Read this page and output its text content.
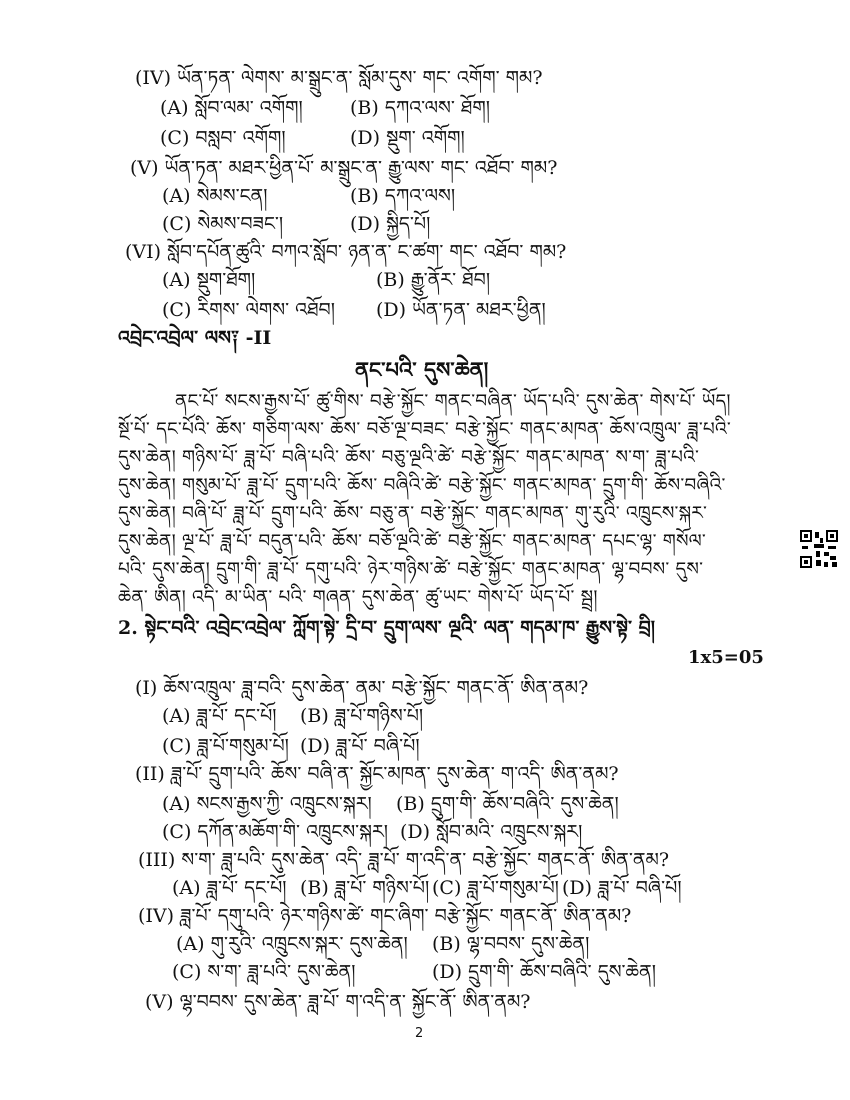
(IV) ཡོན་ཏན་ ལེགས་ མ་སྒྲུང་ན་ སློམ་དུས་ གང་ འགོག་ གམ?
(A) སློབ་ལམ་ འགོག། (B) དཀའ་ལས་ ཐོག།
(C) བསླབ་ འགོག།	(D) སྡུག་ འགོག།
(V) ཡོན་ཏན་ མཐར་ཕྱིན་པོ་ མ་སྒྲུང་ན་ རྒྱུ་ལས་ གང་ འཐོབ་ གམ?
(A) སེམས་ངན།	(B) དཀའ་ལས།
(C) སེམས་བཟང་།	(D) སྐྱིད་པོ།
(VI) སློབ་དཔོན་ཚུའི་ བཀའ་སློབ་ ཉན་ན་ ང་ཚག་ གང་ འཐོབ་ གམ?
(A) སྡུག་ཐོག།	(B) རྒྱུ་ནོར་ ཐོབ།
(C) རིགས་ ལེགས་ འཐོབ། (D) ཡོན་ཏན་ མཐར་ཕྱིན།
འབྲེང་འབྲེལ་ ལས༑ -II
ནང་པའི་ དུས་ཆེན།
ནང་པོ་ སངས་རྒྱས་པོ་ ཚུ་གིས་ བརྩེ་སྐྱོང་ གནང་བཞིན་ ཡོད་པའི་ དུས་ཆེན་ གེས་པོ་ ཡོད།
སྔོ་པོ་ དང་པོའི་ ཆོས་ གཅིག་ལས་ ཆོས་ བཅོ་ལྔ་བཟང་ བརྩེ་སྐྱོང་ གནང་མཁན་ ཆོས་འཁྲུལ་ ཟླ་པའི་
དུས་ཆེན། གཉིས་པོ་ ཟླ་པོ་ བཞི་པའི་ ཆོས་ བཅུ་ལྔའི་ཚེ་ བརྩེ་སྐྱོང་ གནང་མཁན་ ས་ག་ ཟླ་པའི་
དུས་ཆེན། གསུམ་པོ་ ཟླ་པོ་ དྲུག་པའི་ ཆོས་ བཞིའི་ཚེ་ བརྩེ་སྐྱོང་ གནང་མཁན་ དྲུག་གི་ ཆོས་བཞིའི་
དུས་ཆེན། བཞི་པོ་ ཟླ་པོ་ དྲུག་པའི་ ཆོས་ བཅུ་ན་ བརྩེ་སྐྱོང་ གནང་མཁན་ གུ་རུའི་ འཁྲུངས་སྐར་
དུས་ཆེན། ལྔ་པོ་ ཟླ་པོ་ བདུན་པའི་ ཆོས་ བཅོ་ལྔའི་ཚེ་ བརྩེ་སྐྱོང་ གནང་མཁན་ དཔང་ལྷ་ གསོལ་
པའི་ དུས་ཆེན། དྲུག་གི་ ཟླ་པོ་ དགུ་པའི་ ཉེར་གཉིས་ཚེ་ བརྩེ་སྐྱོང་ གནང་མཁན་ ལྷ་བབས་ དུས་
ཆེན་ ཨིན། འདི་ མ་ཡིན་ པའི་ གཞན་ དུས་ཆེན་ ཚུ་ཡང་ གེས་པོ་ ཡོད་པོ་ སྦྲ།
2. སྟེང་བའི་ འབྲེང་འབྲེལ་ ཀློག་སྟེ་ དྲི་བ་ དྲུག་ལས་ ལྔའི་ ལན་ གདམ་ཁ་ རྒྱུས་སྟེ་ བྲི།
1x5=05
(I) ཆོས་འཁྲུལ་ ཟླ་བའི་ དུས་ཆེན་ ནམ་ བརྩེ་སྐྱོང་ གནང་ནོ་ ཨིན་ནམ?
(A) ཟླ་པོ་ དང་པོ། (B) ཟླ་པོ་གཉིས་པོ།
(C) ཟླ་པོ་གསུམ་པོ། (D) ཟླ་པོ་ བཞི་པོ།
(II) ཟླ་པོ་ དྲུག་པའི་ ཆོས་ བཞི་ན་ སྐྱོང་མཁན་ དུས་ཆེན་ ག་འདི་ ཨིན་ནམ?
(A) སངས་རྒྱས་ཀྱི་ འཁྲུངས་སྐར། (B) དྲུག་གི་ ཆོས་བཞིའི་ དུས་ཆེན།
(C) དཀོན་མཆོག་གི་ འཁྲུངས་སྐར། (D) སློབ་མའི་ འཁྲུངས་སྐར།
(III) ས་ག་ ཟླ་པའི་ དུས་ཆེན་ འདི་ ཟླ་པོ་ ག་འདི་ན་ བརྩེ་སྐྱོང་ གནང་ནོ་ ཨིན་ནམ?
(A) ཟླ་པོ་ དང་པོ། (B) ཟླ་པོ་ གཉིས་པོ། (C) ཟླ་པོ་གསུམ་པོ། (D) ཟླ་པོ་ བཞི་པོ།
(IV) ཟླ་པོ་ དགུ་པའི་ ཉེར་གཉིས་ཚེ་ གང་ཞིག་ བརྩེ་སྐྱོང་ གནང་ནོ་ ཨིན་ནམ?
(A) གུ་རུའི་ འཁྲུངས་སྐར་ དུས་ཆེན། (B) ལྷ་བབས་ དུས་ཆེན།
(C) ས་ག་ ཟླ་པའི་ དུས་ཆེན།	(D) དྲུག་གི་ ཆོས་བཞིའི་ དུས་ཆེན།
(V) ལྷ་བབས་ དུས་ཆེན་ ཟླ་པོ་ ག་འདི་ན་ སྐྱོང་ནོ་ ཨིན་ནམ?
2
